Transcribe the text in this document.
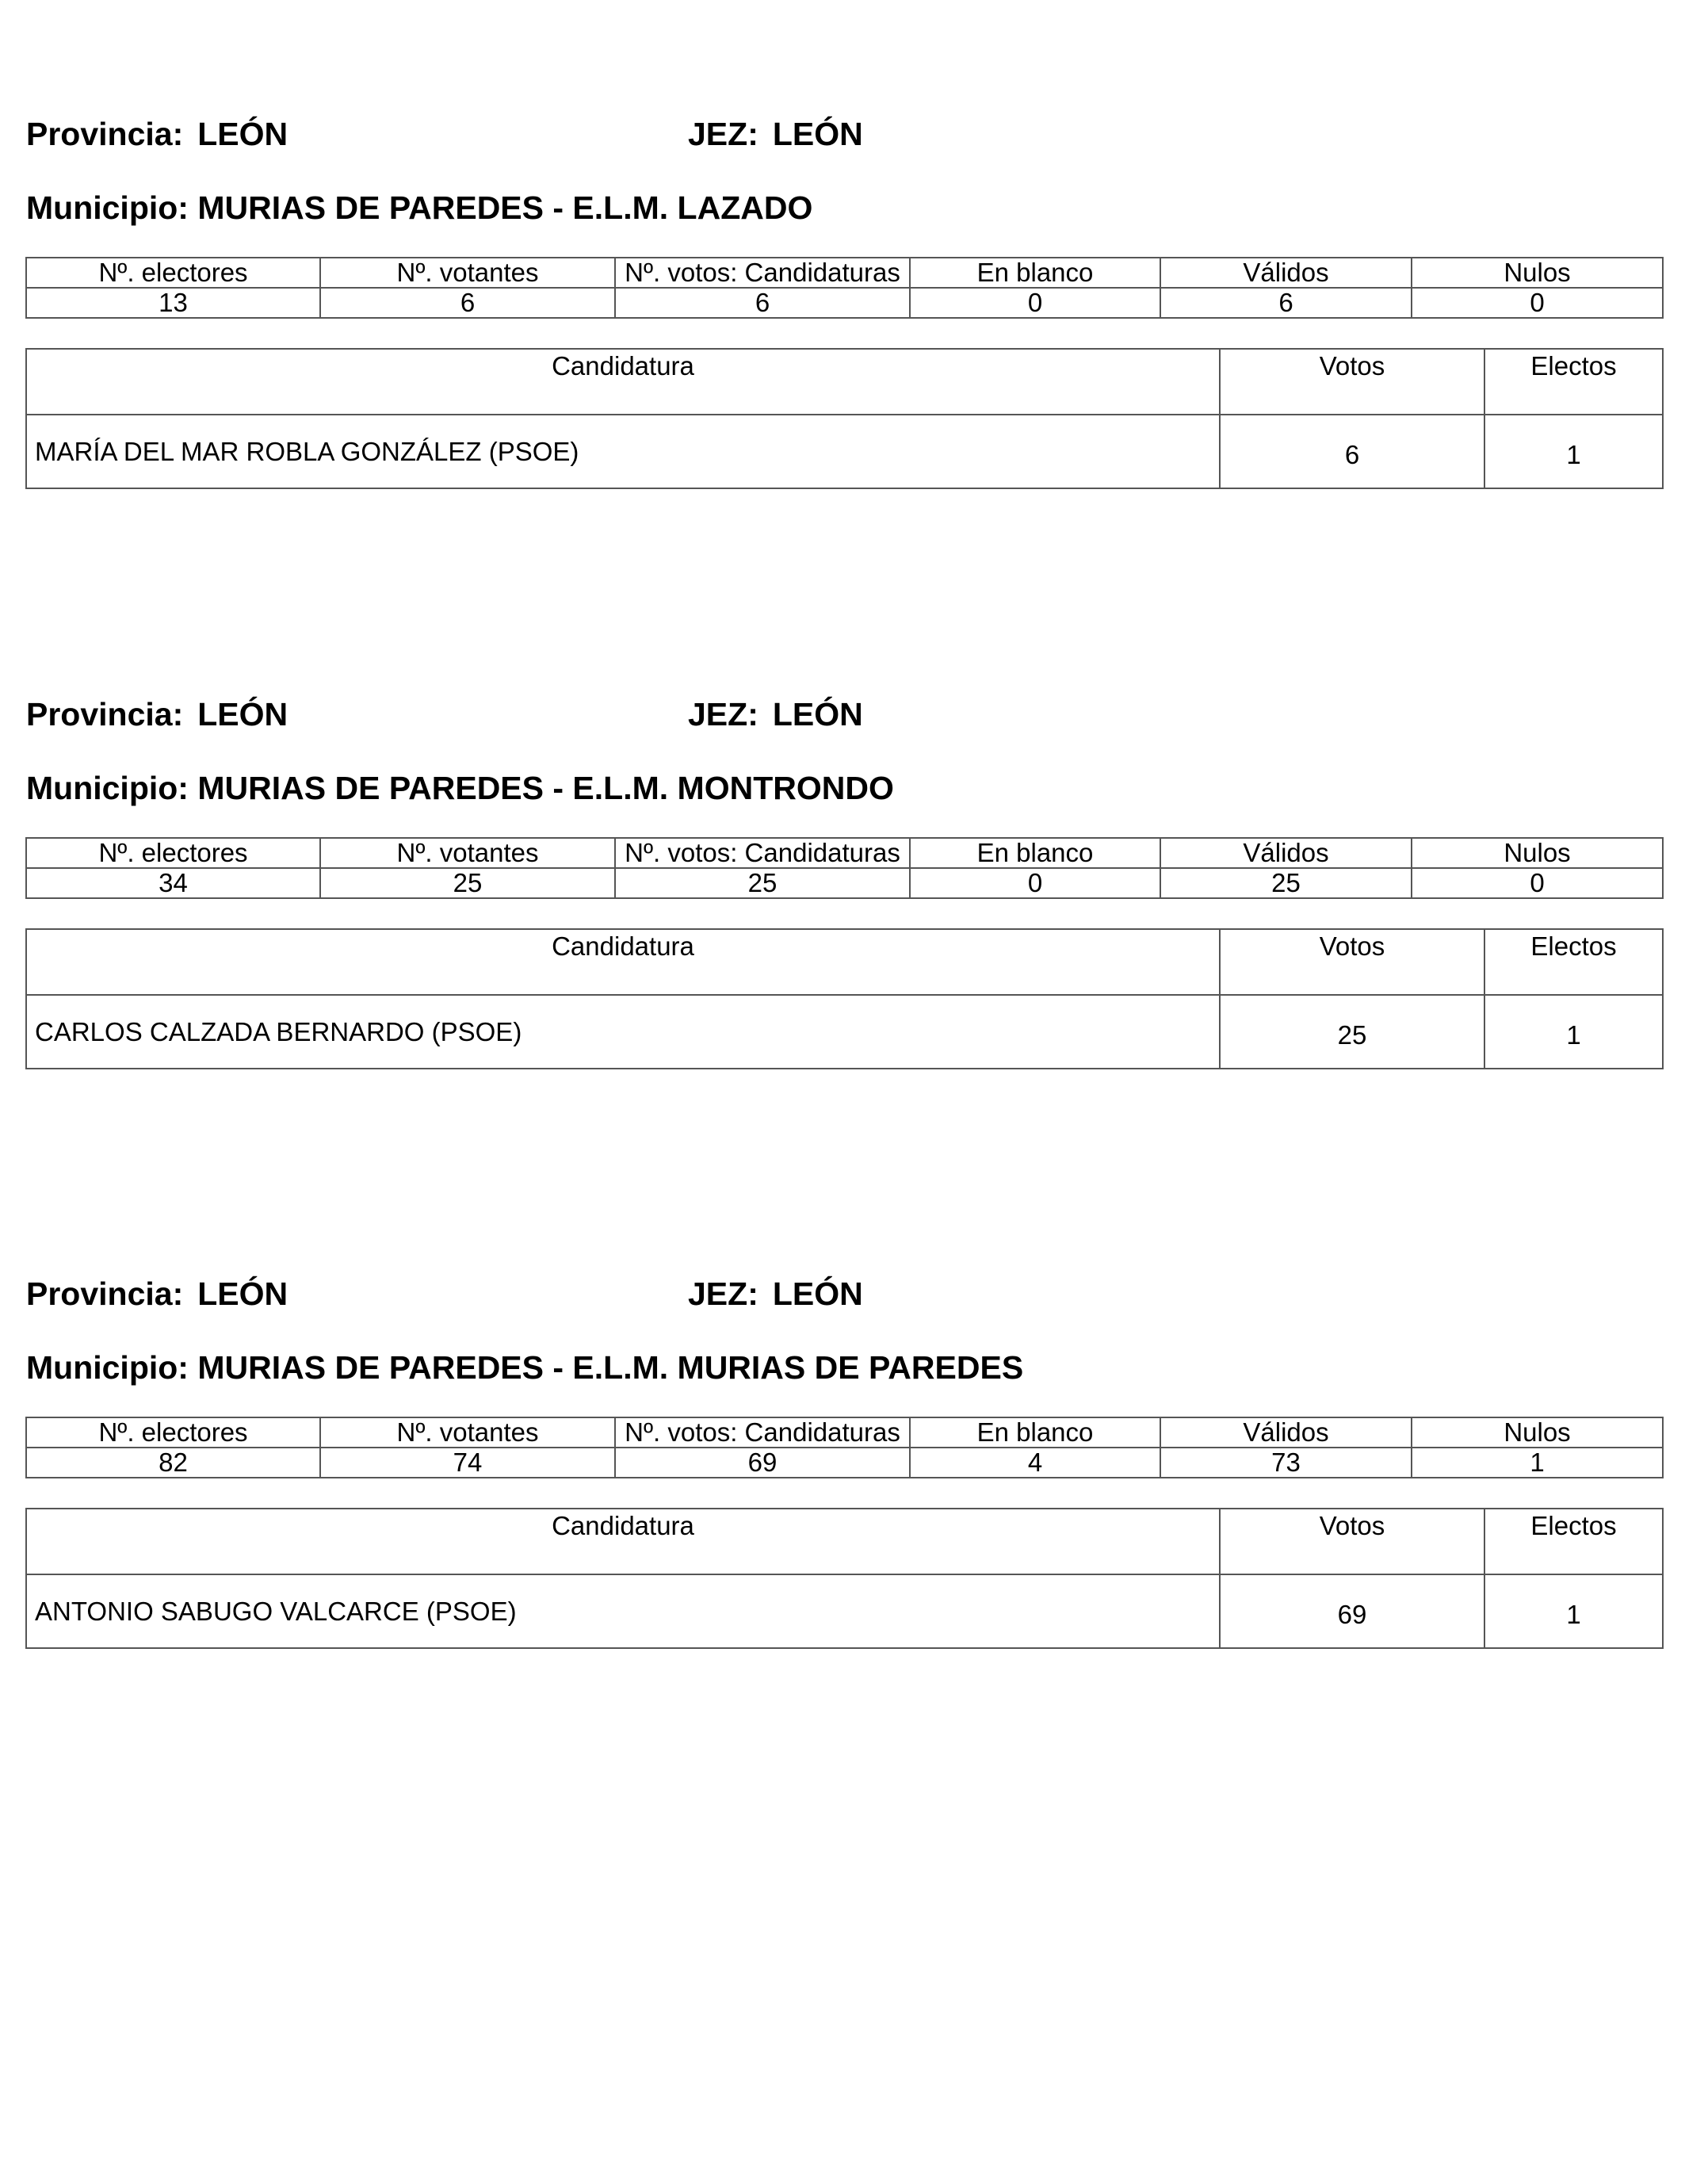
Provincia: LEÓN	JEZ: LEÓN
Municipio: MURIAS DE PAREDES - E.L.M. LAZADO
Nº. electores	Nº. votantes	Nº. votos: Candidaturas	En blanco	Válidos	Nulos
13	6	6	0	6	0
Candidatura	Votos	Electos
MARÍA DEL MAR ROBLA GONZÁLEZ (PSOE)	6	1
Provincia: LEÓN	JEZ: LEÓN
Municipio: MURIAS DE PAREDES - E.L.M. MONTRONDO
Nº. electores	Nº. votantes	Nº. votos: Candidaturas	En blanco	Válidos	Nulos
34	25	25	0	25	0
Candidatura	Votos	Electos
CARLOS CALZADA BERNARDO (PSOE)	25	1
Provincia: LEÓN	JEZ: LEÓN
Municipio: MURIAS DE PAREDES - E.L.M. MURIAS DE PAREDES
Nº. electores	Nº. votantes	Nº. votos: Candidaturas	En blanco	Válidos	Nulos
82	74	69	4	73	1
Candidatura	Votos	Electos
ANTONIO SABUGO VALCARCE (PSOE)	69	1
